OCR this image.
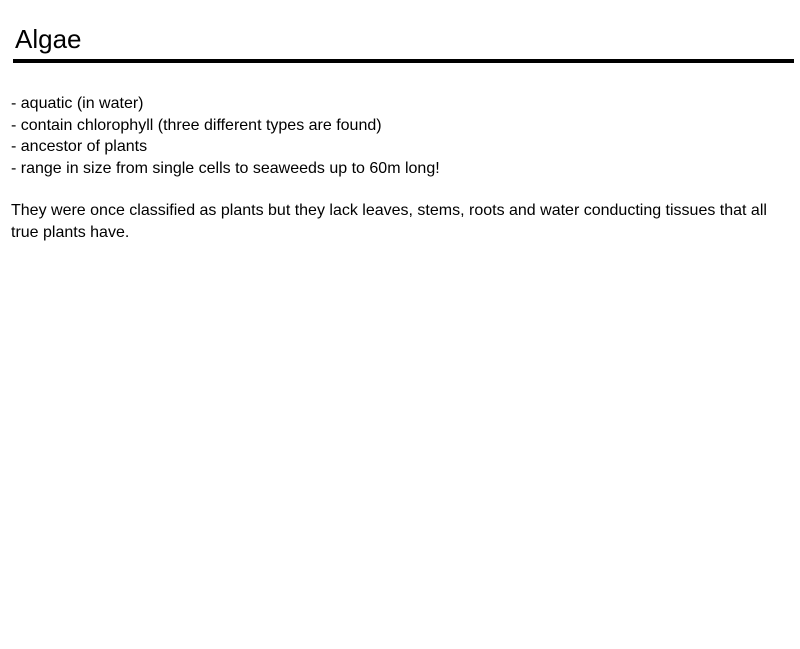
Algae
- aquatic (in water)
- contain chlorophyll (three different types are found)
- ancestor of plants
- range in size from single cells to seaweeds up to 60m long!

They were once classified as plants but they lack leaves, stems, roots and water conducting tissues that all true plants have.
